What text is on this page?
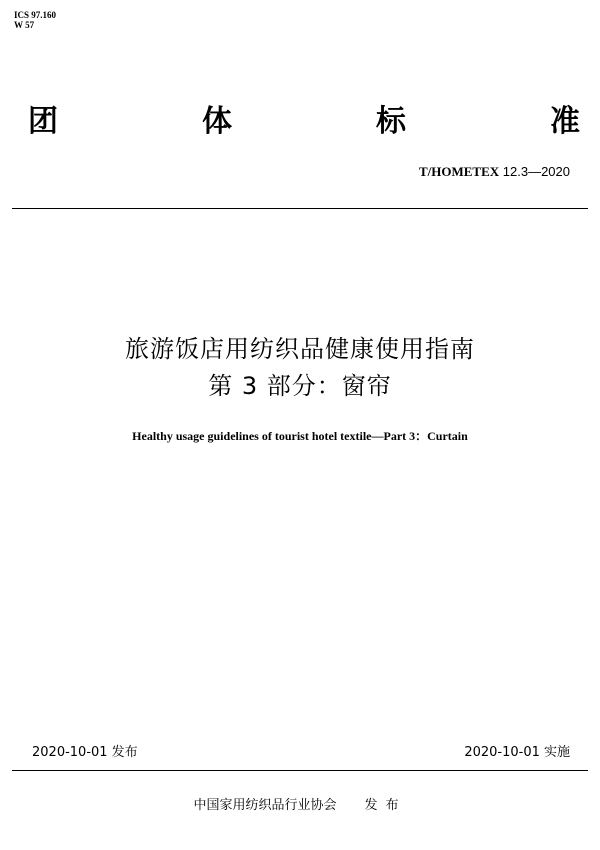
ICS 97.160
W 57
团	体	标	准
T/HOMETEX 12.3—2020
旅游饭店用纺织品健康使用指南
第 3 部分：窗帘
Healthy usage guidelines of tourist hotel textile—Part 3：Curtain
2020-10-01 发布	2020-10-01 实施
中国家用纺织品行业协会 发布
